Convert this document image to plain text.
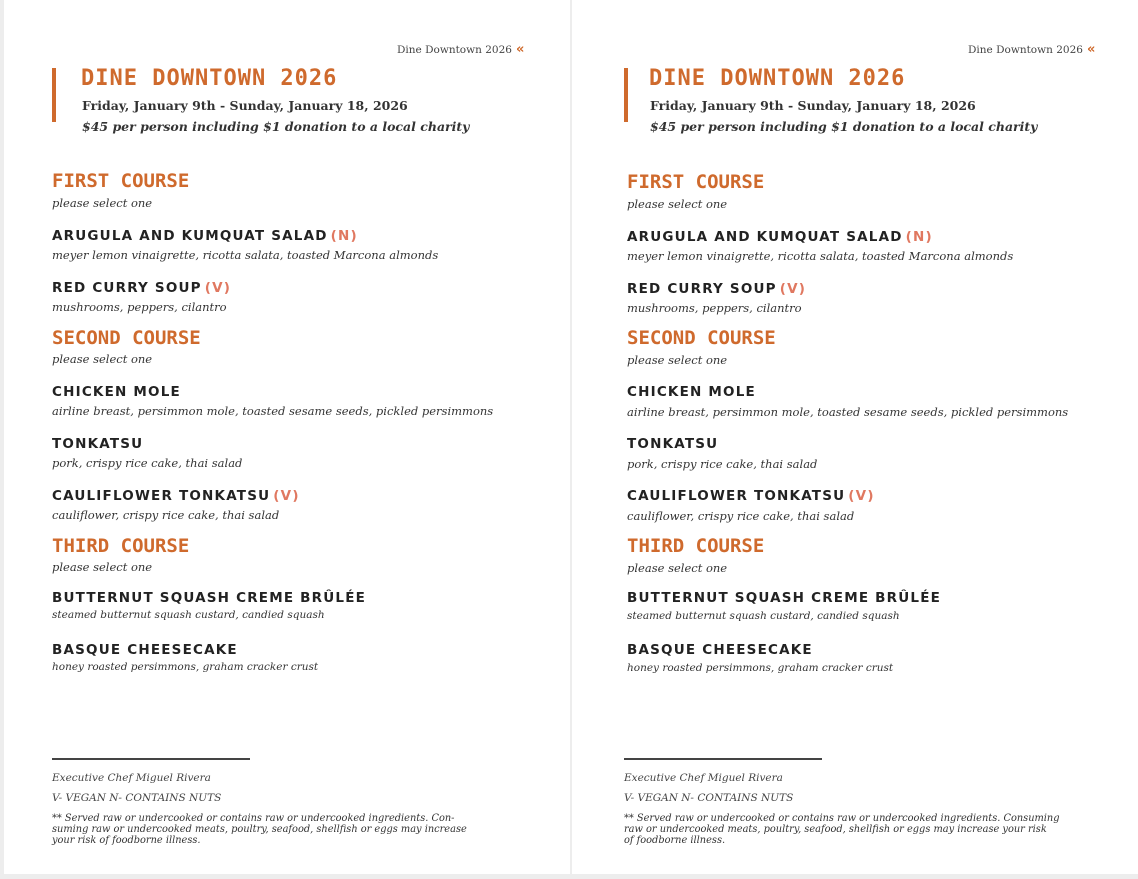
Dine Downtown 2026 «
DINE DOWNTOWN 2026
Friday, January 9th - Sunday, January 18, 2026
$45 per person including $1 donation to a local charity
FIRST COURSE
please select one
ARUGULA AND KUMQUAT SALAD (N)
meyer lemon vinaigrette, ricotta salata, toasted Marcona almonds
RED CURRY SOUP (V)
mushrooms, peppers, cilantro
SECOND COURSE
please select one
CHICKEN MOLE
airline breast, persimmon mole, toasted sesame seeds, pickled persimmons
TONKATSU
pork, crispy rice cake, thai salad
CAULIFLOWER TONKATSU (V)
cauliflower, crispy rice cake, thai salad
THIRD COURSE
please select one
BUTTERNUT SQUASH CREME BRÛLÉE
steamed butternut squash custard, candied squash
BASQUE CHEESECAKE
honey roasted persimmons, graham cracker crust
Executive Chef Miguel Rivera
V- VEGAN N- CONTAINS NUTS
** Served raw or undercooked or contains raw or undercooked ingredients. Con-
suming raw or undercooked meats, poultry, seafood, shellfish or eggs may increase
your risk of foodborne illness.
Dine Downtown 2026 «
DINE DOWNTOWN 2026
Friday, January 9th - Sunday, January 18, 2026
$45 per person including $1 donation to a local charity
FIRST COURSE
please select one
ARUGULA AND KUMQUAT SALAD (N)
meyer lemon vinaigrette, ricotta salata, toasted Marcona almonds
RED CURRY SOUP (V)
mushrooms, peppers, cilantro
SECOND COURSE
please select one
CHICKEN MOLE
airline breast, persimmon mole, toasted sesame seeds, pickled persimmons
TONKATSU
pork, crispy rice cake, thai salad
CAULIFLOWER TONKATSU (V)
cauliflower, crispy rice cake, thai salad
THIRD COURSE
please select one
BUTTERNUT SQUASH CREME BRÛLÉE
steamed butternut squash custard, candied squash
BASQUE CHEESECAKE
honey roasted persimmons, graham cracker crust
Executive Chef Miguel Rivera
V- VEGAN N- CONTAINS NUTS
** Served raw or undercooked or contains raw or undercooked ingredients. Consuming
raw or undercooked meats, poultry, seafood, shellfish or eggs may increase your risk
of foodborne illness.
